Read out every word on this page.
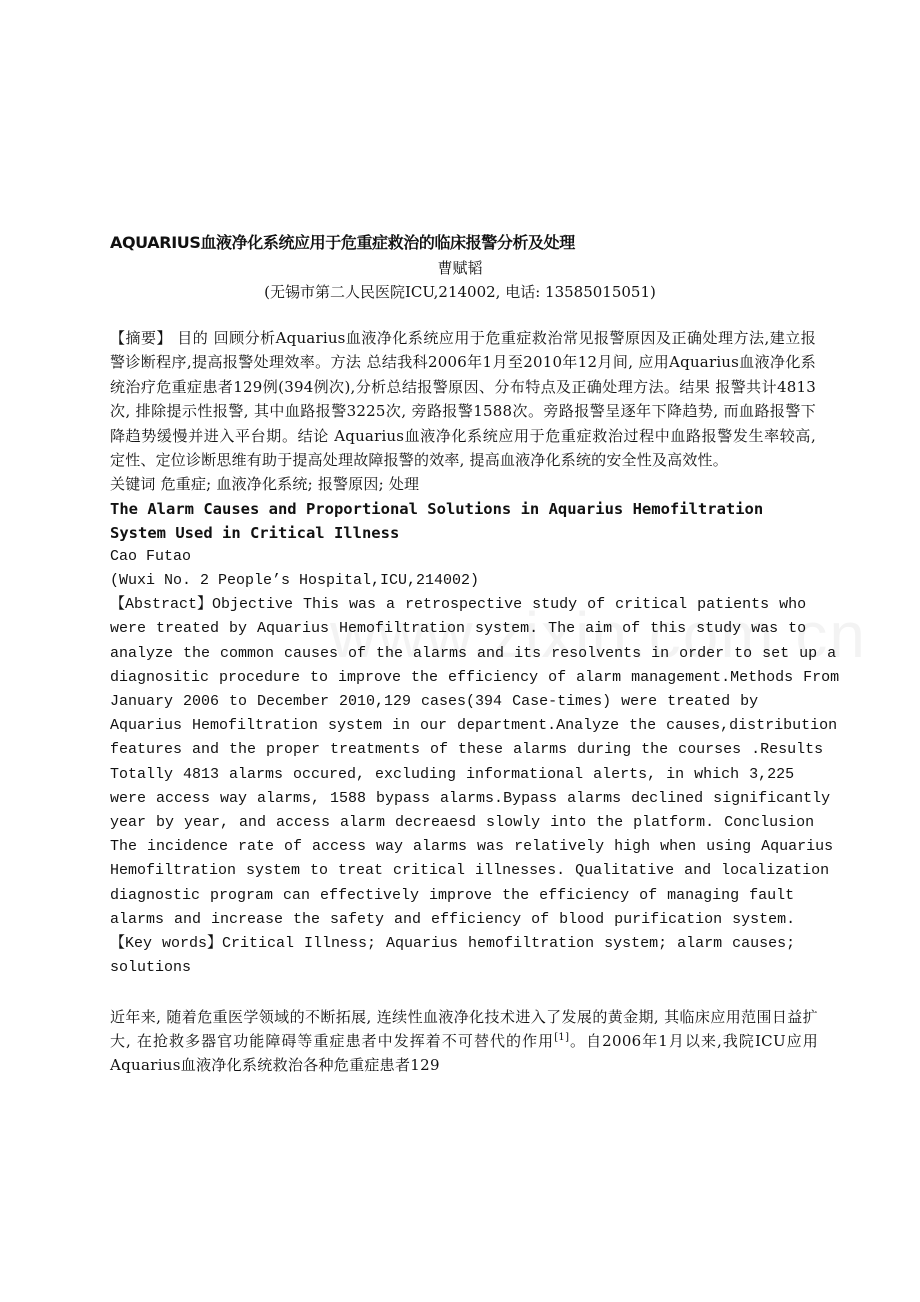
AQUARIUS血液净化系统应用于危重症救治的临床报警分析及处理
曹赋韬
(无锡市第二人民医院ICU,214002, 电话: 13585015051)
【摘要】 目的 回顾分析Aquarius血液净化系统应用于危重症救治常见报警原因及正确处理方法,建立报警诊断程序,提高报警处理效率。方法 总结我科2006年1月至2010年12月间, 应用Aquarius血液净化系统治疗危重症患者129例(394例次),分析总结报警原因、分布特点及正确处理方法。结果 报警共计4813次, 排除提示性报警, 其中血路报警3225次, 旁路报警1588次。旁路报警呈逐年下降趋势, 而血路报警下降趋势缓慢并进入平台期。结论 Aquarius血液净化系统应用于危重症救治过程中血路报警发生率较高, 定性、定位诊断思维有助于提高处理故障报警的效率, 提高血液净化系统的安全性及高效性。
关键词 危重症; 血液净化系统; 报警原因; 处理
The Alarm Causes and Proportional Solutions in Aquarius Hemofiltration System Used in Critical Illness
Cao Futao
(Wuxi No. 2 People’s Hospital,ICU,214002)
【Abstract】Objective This was a retrospective study of critical patients who were treated by Aquarius Hemofiltration system. The aim of this study was to analyze the common causes of the alarms and its resolvents in order to set up a diagnositic procedure to improve the efficiency of alarm management.Methods From January 2006 to December 2010,129 cases(394 Case-times) were treated by Aquarius Hemofiltration system in our department.Analyze the causes,distribution features and the proper treatments of these alarms during the courses .Results Totally 4813 alarms occured, excluding informational alerts, in which 3,225 were access way alarms, 1588 bypass alarms.Bypass alarms declined significantly year by year, and access alarm decreaesd slowly into the platform. Conclusion The incidence rate of access way alarms was relatively high when using Aquarius Hemofiltration system to treat critical illnesses. Qualitative and localization diagnostic program can effectively improve the efficiency of managing fault alarms and increase the safety and efficiency of blood purification system.
【Key words】Critical Illness; Aquarius hemofiltration system; alarm causes; solutions
近年来, 随着危重医学领域的不断拓展, 连续性血液净化技术进入了发展的黄金期, 其临床应用范围日益扩大, 在抢救多器官功能障碍等重症患者中发挥着不可替代的作用[1]。自2006年1月以来,我院ICU应用Aquarius血液净化系统救治各种危重症患者129
